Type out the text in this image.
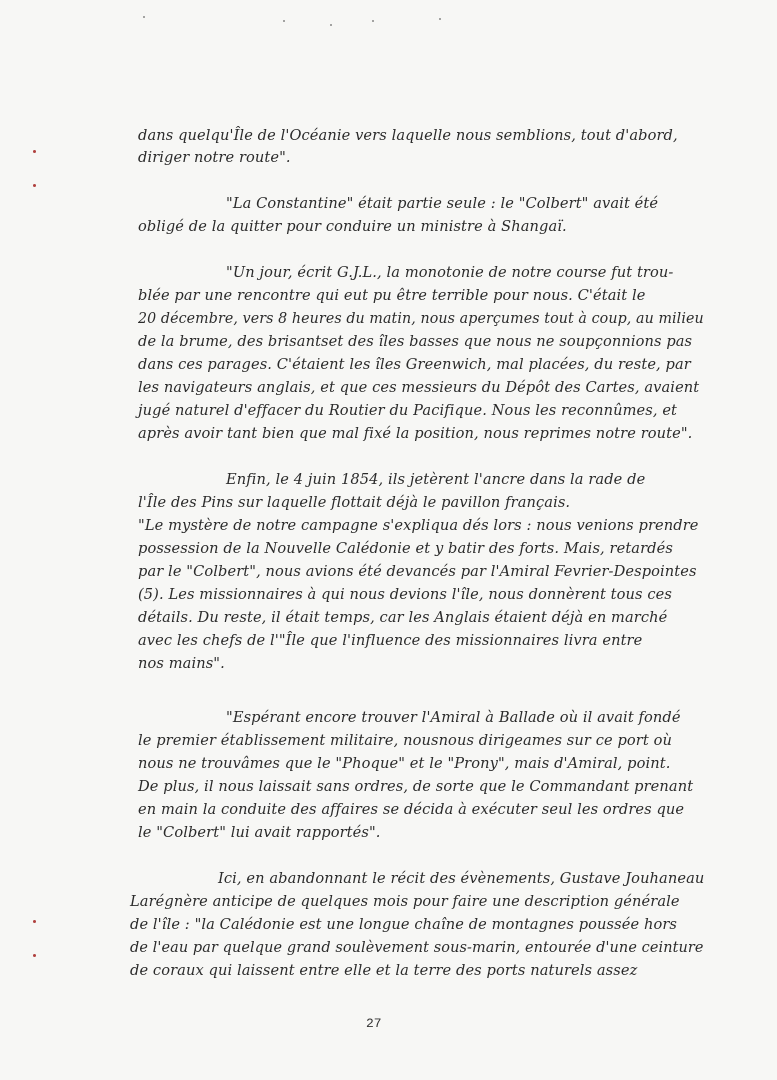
dans quelqu'Île de l'Océanie vers laquelle nous semblions, tout d'abord,
diriger notre route".
"La Constantine" était partie seule : le "Colbert" avait été
obligé de la quitter pour conduire un ministre à Shangaï.
"Un jour, écrit G.J.L., la monotonie de notre course fut trou-
blée par une rencontre qui eut pu être terrible pour nous. C'était le
20 décembre, vers 8 heures du matin, nous aperçumes tout à coup, au milieu
de la brume, des brisantset des îles basses que nous ne soupçonnions pas
dans ces parages. C'étaient les îles Greenwich, mal placées, du reste, par
les navigateurs anglais, et que ces messieurs du Dépôt des Cartes, avaient
jugé naturel d'effacer du Routier du Pacifique. Nous les reconnûmes, et
après avoir tant bien que mal fixé la position, nous reprimes notre route".
Enfin, le 4 juin 1854, ils jetèrent l'ancre dans la rade de
l'Île des Pins sur laquelle flottait déjà le pavillon français.
"Le mystère de notre campagne s'expliqua dés lors : nous venions prendre
possession de la Nouvelle Calédonie et y batir des forts. Mais, retardés
par le "Colbert", nous avions été devancés par l'Amiral Fevrier-Despointes
(5). Les missionnaires à qui nous devions l'île, nous donnèrent tous ces
détails. Du reste, il était temps, car les Anglais étaient déjà en marché
avec les chefs de l'"Île que l'influence des missionnaires livra entre
nos mains".
"Espérant encore trouver l'Amiral à Ballade où il avait fondé
le premier établissement militaire, nousnous dirigeames sur ce port où
nous ne trouvâmes que le "Phoque" et le "Prony", mais d'Amiral, point.
De plus, il nous laissait sans ordres, de sorte que le Commandant prenant
en main la conduite des affaires se décida à exécuter seul les ordres que
le "Colbert" lui avait rapportés".
Ici, en abandonnant le récit des évènements, Gustave Jouhaneau
Larégnère anticipe de quelques mois pour faire une description générale
de l'île : "la Calédonie est une longue chaîne de montagnes poussée hors
de l'eau par quelque grand soulèvement sous-marin, entourée d'une ceinture
de coraux qui laissent entre elle et la terre des ports naturels assez
27
